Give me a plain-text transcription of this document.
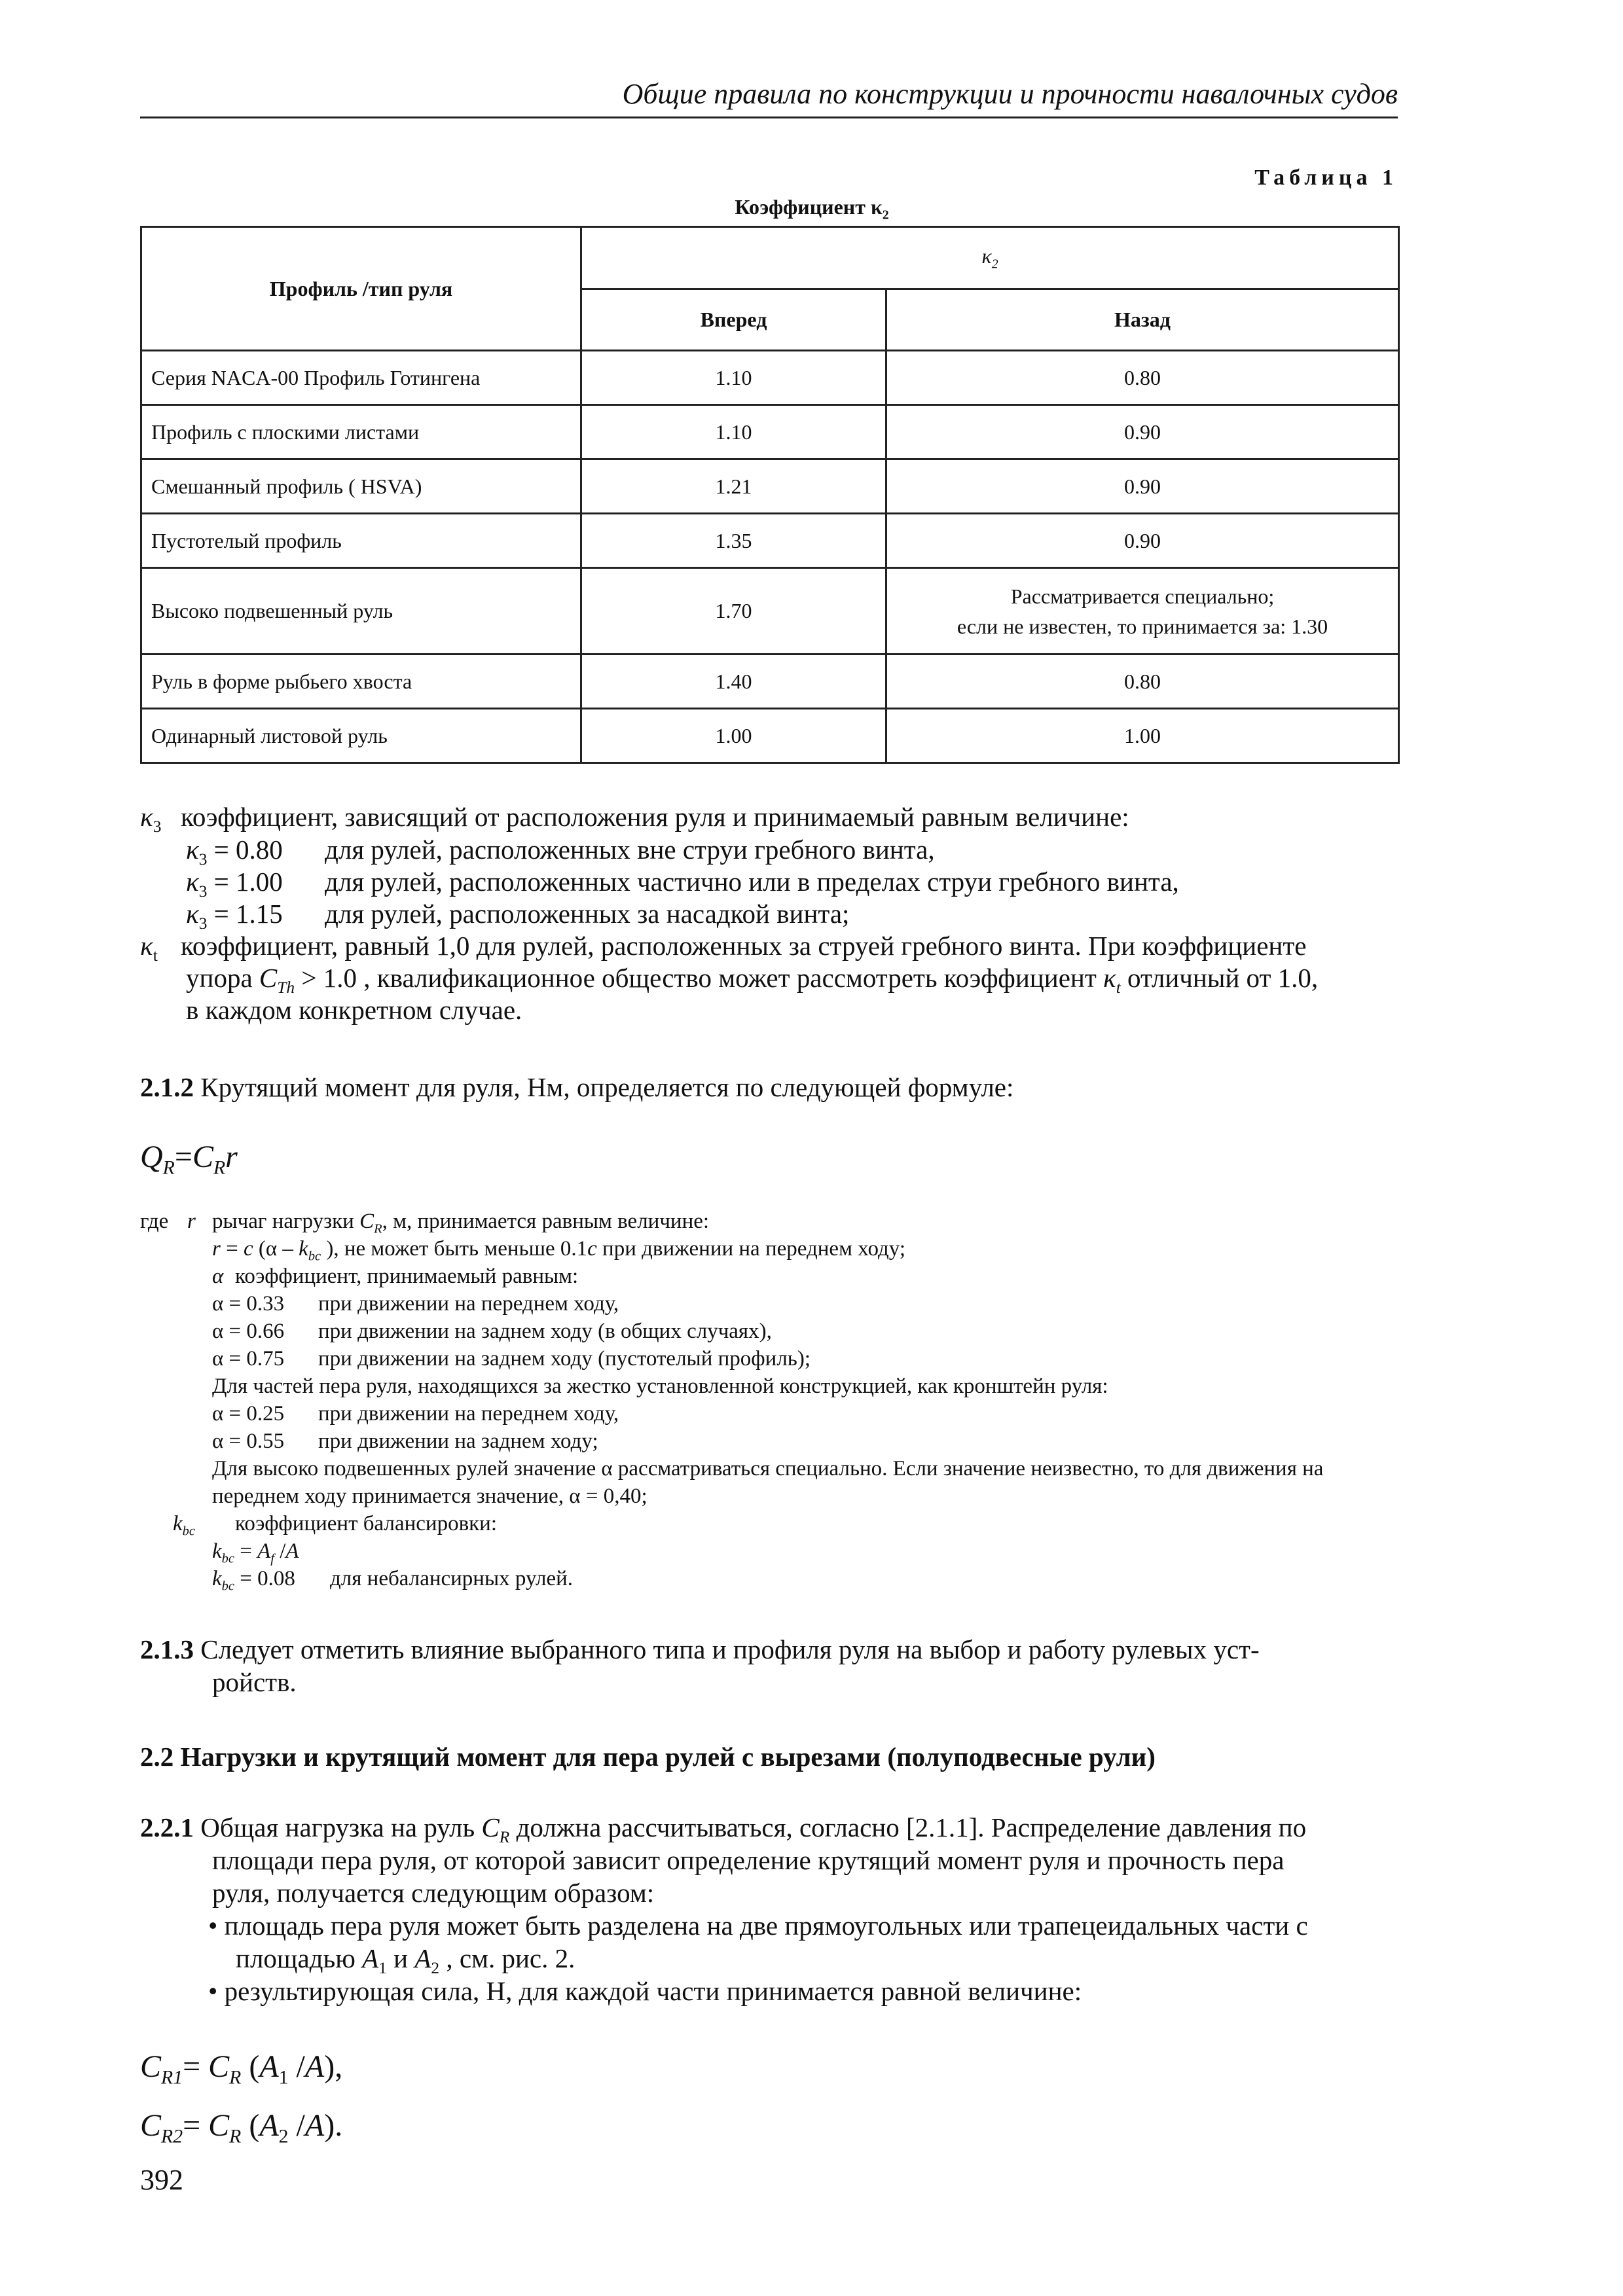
Общие правила по конструкции и прочности навалочных судов
Таблица 1
Коэффициент $\kappa_2$
Профиль /тип руля	$\kappa_2$
	Вперед	Назад
Серия NACA-00 Профиль Готингена	1.10	0.80
Профиль с плоскими листами	1.10	0.90
Смешанный профиль ( HSVA)	1.21	0.90
Пустотелый профиль	1.35	0.90
Высоко подвешенный руль	1.70	Рассматривается специально;
если не известен, то принимается за: 1.30

Руль в форме рыбьего хвоста	1.40	0.80
Одинарный листовой руль	1.00	1.00
$\kappa_3$ коэффициент, зависящий от расположения руля и принимаемый равным величине:
$\kappa_3 = 0.80$ для рулей, расположенных вне струи гребного винта,
$\kappa_3 = 1.00$ для рулей, расположенных частично или в пределах струи гребного винта,
$\kappa_3 = 1.15$ для рулей, расположенных за насадкой винта;
$\kappa_t$ коэффициент, равный 1,0 для рулей, расположенных за струей гребного винта. При коэффициенте
упора $C_{Th} > 1.0$ , квалификационное общество может рассмотреть коэффициент $\kappa_t$ отличный от 1.0,
в каждом конкретном случае.
2.1.2 Крутящий момент для руля, Нм, определяется по следующей формуле:
$Q_R=C_Rr$
где r рычаг нагрузки $C_R$, м, принимается равным величине:
r = c ($\alpha - k_{bc}$ ), не может быть меньше 0.1c при движении на переднем ходу;
α коэффициент, принимаемый равным:
α = 0.33 при движении на переднем ходу,
α = 0.66 при движении на заднем ходу (в общих случаях),
α = 0.75 при движении на заднем ходу (пустотелый профиль);
Для частей пера руля, находящихся за жестко установленной конструкцией, как кронштейн руля:
α = 0.25 при движении на переднем ходу,
α = 0.55 при движении на заднем ходу;
Для высоко подвешенных рулей значение α рассматриваться специально. Если значение неизвестно, то для движения на
переднем ходу принимается значение, α = 0,40;
$k_{bc}$ коэффициент балансировки:
$k_{bc} = A_f$ /A
$k_{bc} = 0.08$ для небалансирных рулей.
2.1.3 Следует отметить влияние выбранного типа и профиля руля на выбор и работу рулевых уст-
ройств.
2.2 Нагрузки и крутящий момент для пера рулей с вырезами (полуподвесные рули)
2.2.1 Общая нагрузка на руль $C_R$ должна рассчитываться, согласно [2.1.1]. Распределение давления по
площади пера руля, от которой зависит определение крутящий момент руля и прочность пера
руля, получается следующим образом:
• площадь пера руля может быть разделена на две прямоугольных или трапецеидальных части с
площадью $A_1$ и $A_2$ , см. рис. 2.
• результирующая сила, Н, для каждой части принимается равной величине:
$C_{R1}= C_R$ ($A_1$ /A),
$C_{R2}= C_R$ ($A_2$ /A).
392
